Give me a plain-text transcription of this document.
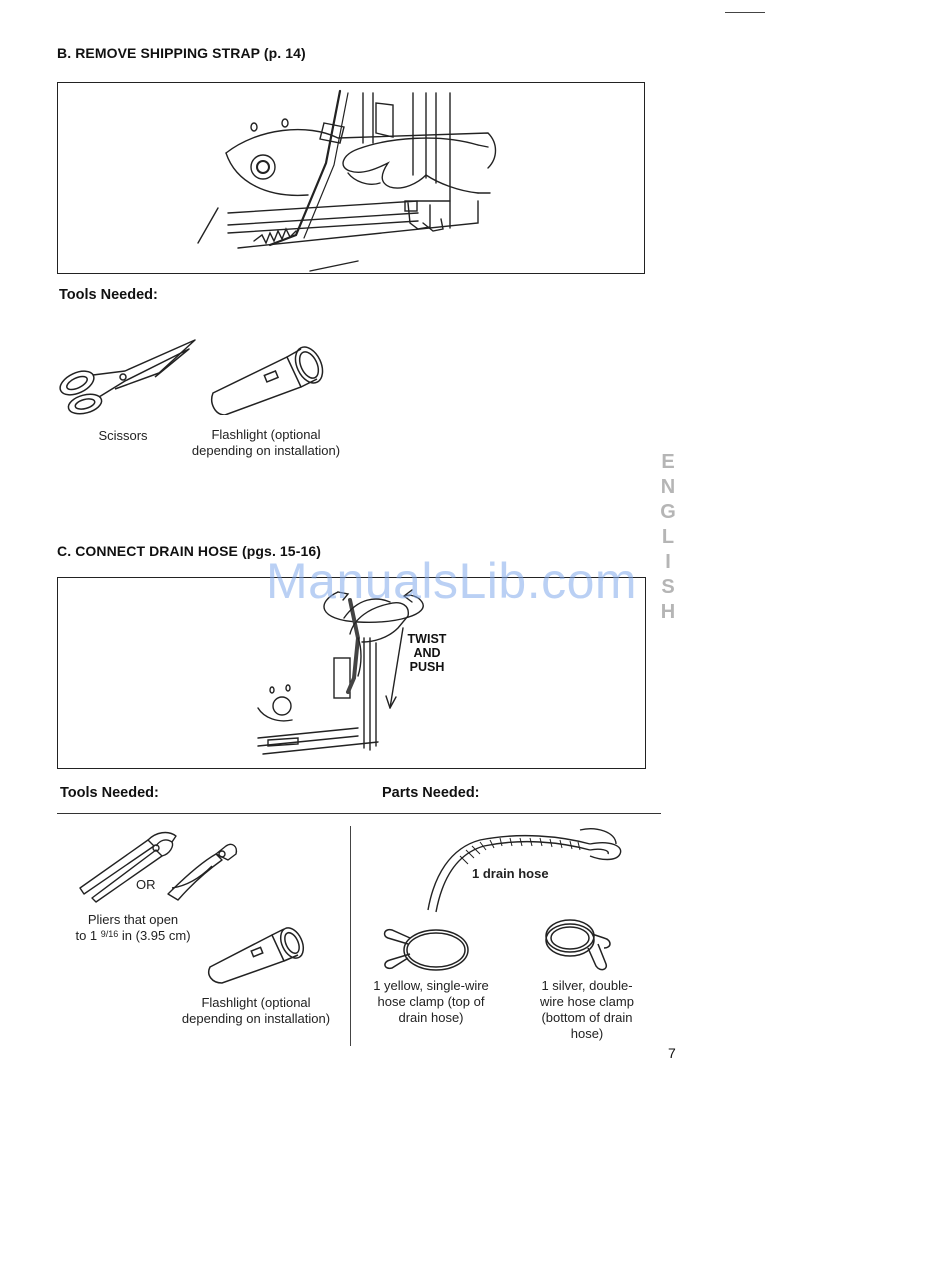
B. REMOVE SHIPPING STRAP (p. 14)
Tools Needed:
Scissors	Flashlight (optional
depending on installation)	ENGLISH
C. CONNECT DRAIN HOSE (pgs. 15-16)
TWIST
AND
PUSH
Tools Needed:	Parts Needed:
OR
Pliers that open
to 1 $^{9/16}$ in (3.95 cm)
Flashlight (optional
depending on installation)
1 drain hose
1 yellow, single-wire
hose clamp (top of
drain hose)
1 silver, double-
wire hose clamp
(bottom of drain
hose)
7
ManualsLib.com
